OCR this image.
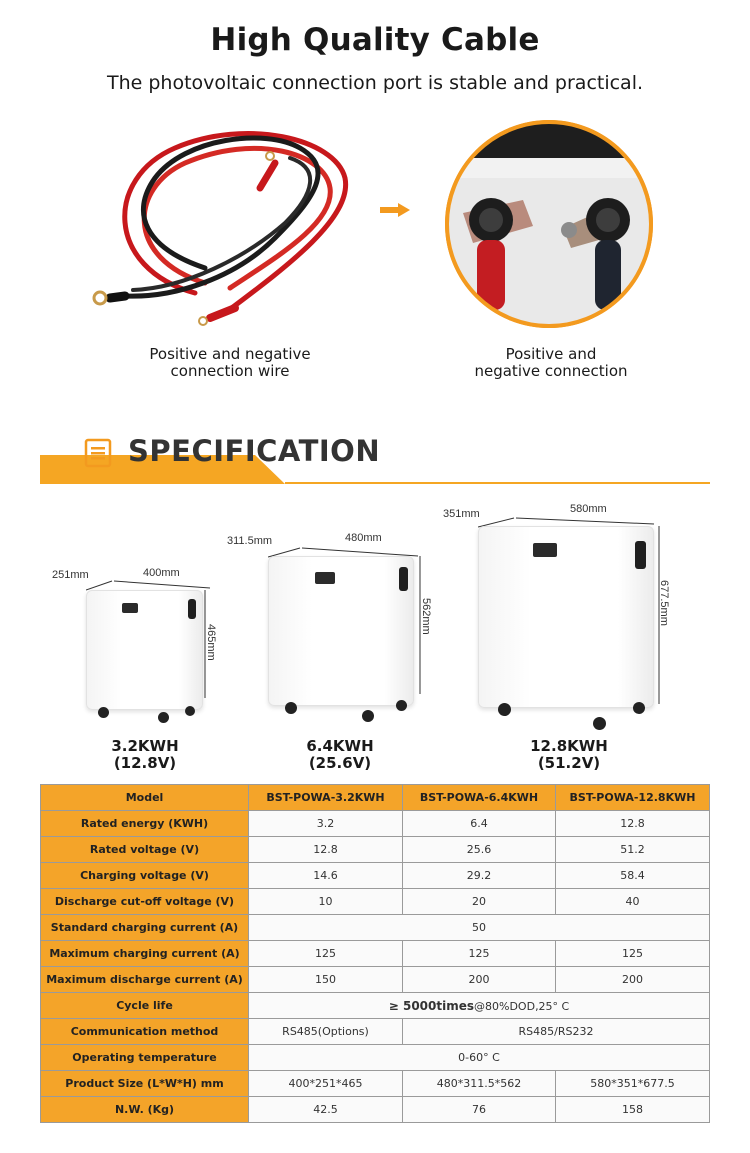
High Quality Cable
The photovoltaic connection port is stable and practical.
Positive and negative
connection wire
Positive and
negative connection
SPECIFICATION
251mm	400mm
465mm
3.2KWH
(12.8V)
311.5mm	480mm
562mm
6.4KWH
(25.6V)
351mm	580mm
677.5mm
12.8KWH
(51.2V)
Model	BST-POWA-3.2KWH	BST-POWA-6.4KWH	BST-POWA-12.8KWH
Rated energy (KWH)	3.2	6.4	12.8
Rated voltage (V)	12.8	25.6	51.2
Charging voltage (V)	14.6	29.2	58.4
Discharge cut-off voltage (V)	10	20	40
Standard charging current (A)	50		
Maximum charging current (A)	125	125	125
Maximum discharge current (A)	150	200	200
Cycle life	≥ 5000times@80%DOD,25° C		
Communication method	RS485(Options)	RS485/RS232	
Operating temperature	0-60° C		
Product Size (L*W*H) mm	400*251*465	480*311.5*562	580*351*677.5
N.W. (Kg)	42.5	76	158
